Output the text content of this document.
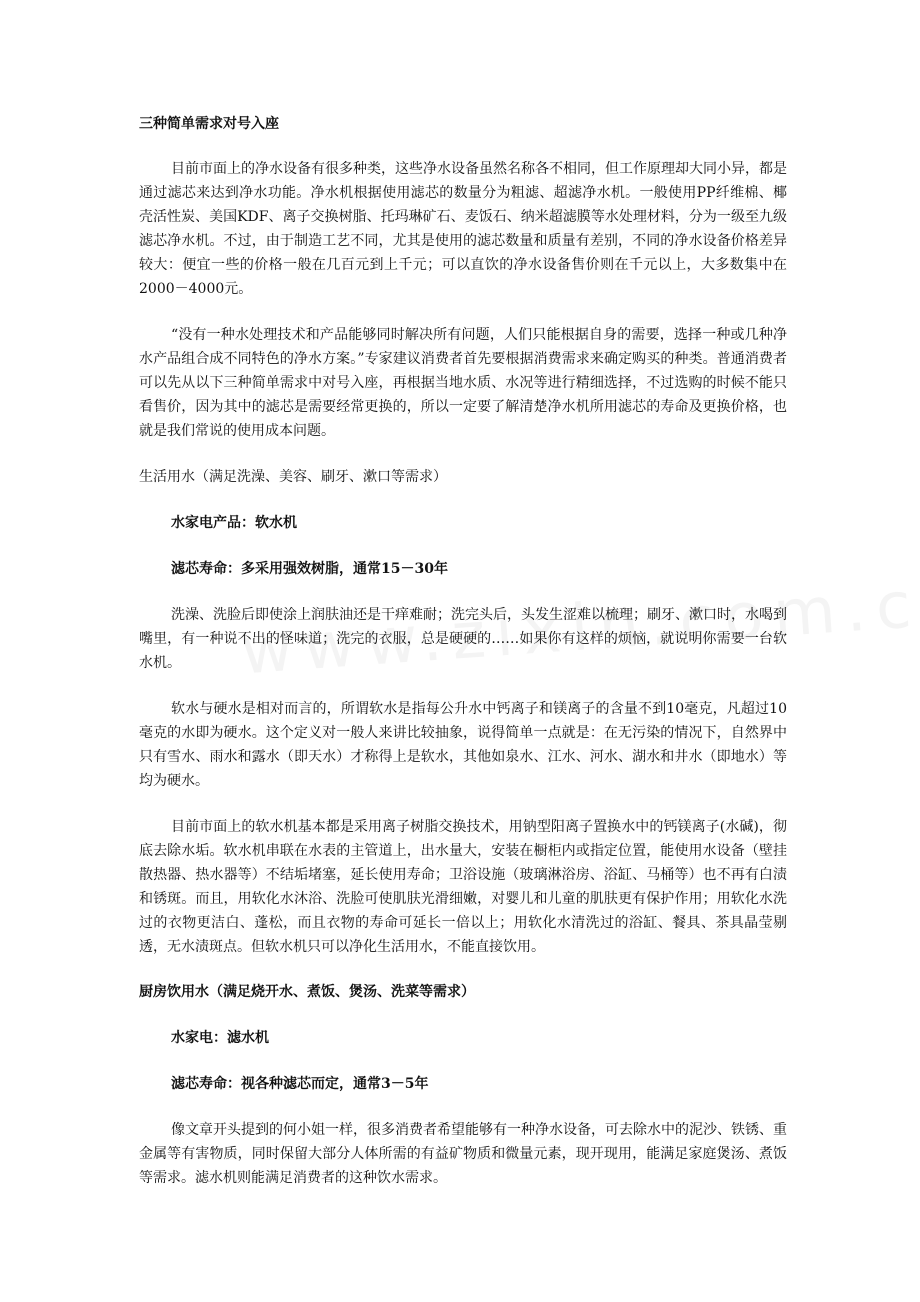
三种简单需求对号入座

目前市面上的净水设备有很多种类，这些净水设备虽然名称各不相同，但工作原理却大同小异，都是通过滤芯来达到净水功能。净水机根据使用滤芯的数量分为粗滤、超滤净水机。一般使用PP纤维棉、椰壳活性炭、美国KDF、离子交换树脂、托玛琳矿石、麦饭石、纳米超滤膜等水处理材料，分为一级至九级滤芯净水机。不过，由于制造工艺不同，尤其是使用的滤芯数量和质量有差别，不同的净水设备价格差异较大：便宜一些的价格一般在几百元到上千元；可以直饮的净水设备售价则在千元以上，大多数集中在2000－4000元。

“没有一种水处理技术和产品能够同时解决所有问题，人们只能根据自身的需要，选择一种或几种净水产品组合成不同特色的净水方案。”专家建议消费者首先要根据消费需求来确定购买的种类。普通消费者可以先从以下三种简单需求中对号入座，再根据当地水质、水况等进行精细选择，不过选购的时候不能只看售价，因为其中的滤芯是需要经常更换的，所以一定要了解清楚净水机所用滤芯的寿命及更换价格，也就是我们常说的使用成本问题。

生活用水（满足洗澡、美容、刷牙、漱口等需求）

水家电产品：软水机

滤芯寿命：多采用强效树脂，通常15－30年

洗澡、洗脸后即使涂上润肤油还是干痒难耐；洗完头后，头发生涩难以梳理；刷牙、漱口时，水喝到嘴里，有一种说不出的怪味道；洗完的衣服，总是硬硬的……如果你有这样的烦恼，就说明你需要一台软水机。

软水与硬水是相对而言的，所谓软水是指每公升水中钙离子和镁离子的含量不到10毫克，凡超过10毫克的水即为硬水。这个定义对一般人来讲比较抽象，说得简单一点就是：在无污染的情况下，自然界中只有雪水、雨水和露水（即天水）才称得上是软水，其他如泉水、江水、河水、湖水和井水（即地水）等均为硬水。

目前市面上的软水机基本都是采用离子树脂交换技术，用钠型阳离子置换水中的钙镁离子(水碱)，彻底去除水垢。软水机串联在水表的主管道上，出水量大，安装在橱柜内或指定位置，能使用水设备（壁挂散热器、热水器等）不结垢堵塞，延长使用寿命；卫浴设施（玻璃淋浴房、浴缸、马桶等）也不再有白渍和锈斑。而且，用软化水沐浴、洗脸可使肌肤光滑细嫩，对婴儿和儿童的肌肤更有保护作用；用软化水洗过的衣物更洁白、蓬松，而且衣物的寿命可延长一倍以上；用软化水清洗过的浴缸、餐具、茶具晶莹剔透，无水渍斑点。但软水机只可以净化生活用水，不能直接饮用。

厨房饮用水（满足烧开水、煮饭、煲汤、洗菜等需求）

水家电：滤水机

滤芯寿命：视各种滤芯而定，通常3－5年

像文章开头提到的何小姐一样，很多消费者希望能够有一种净水设备，可去除水中的泥沙、铁锈、重金属等有害物质，同时保留大部分人体所需的有益矿物质和微量元素，现开现用，能满足家庭煲汤、煮饭等需求。滤水机则能满足消费者的这种饮水需求。
